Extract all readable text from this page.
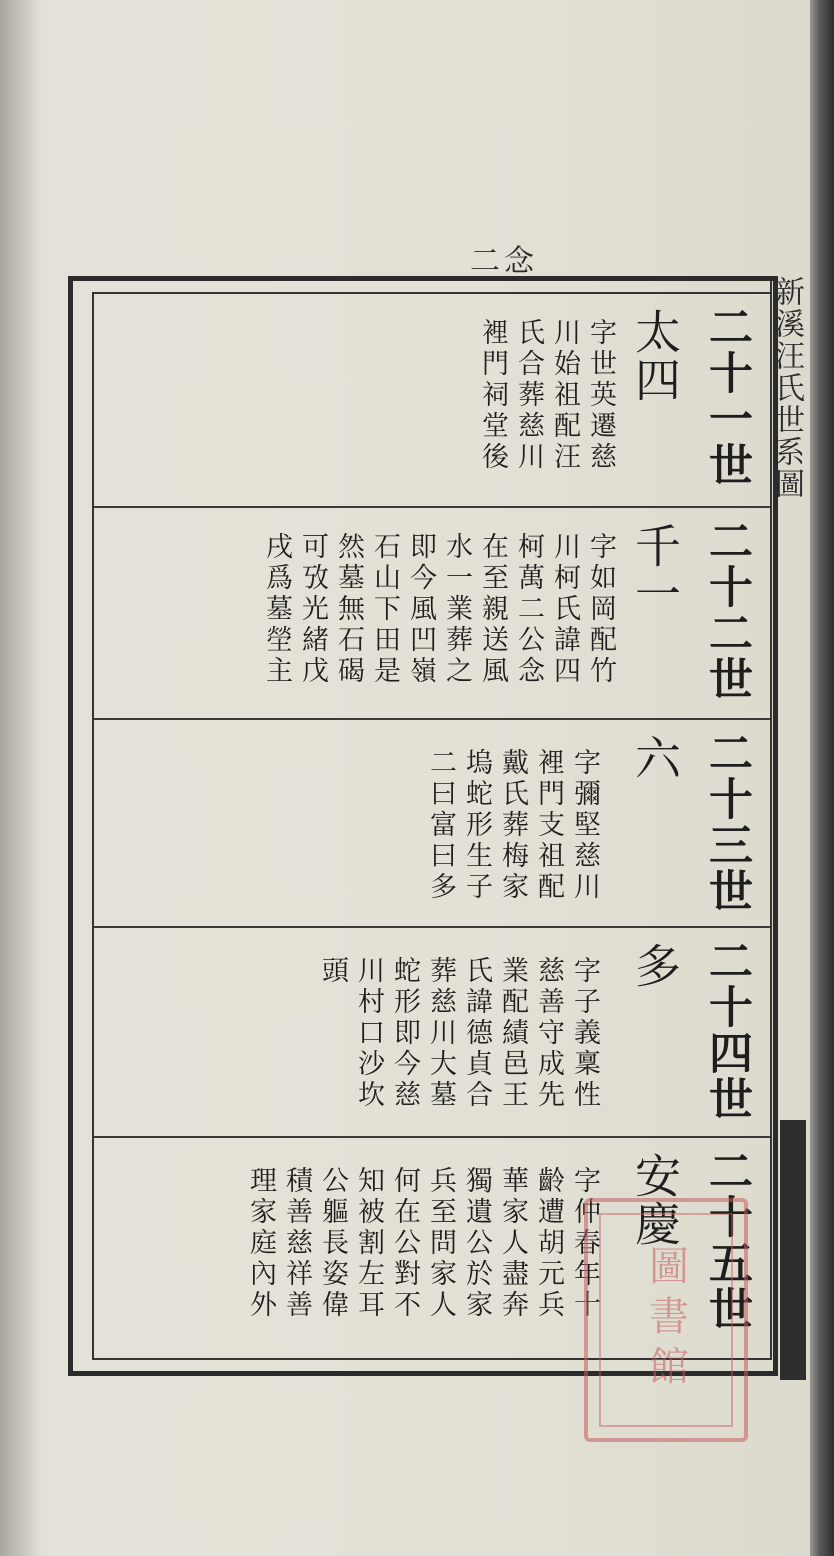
二念
新溪汪氏世系圖
二十一世
太四
字世英遷慈
川始祖配汪
氏合葬慈川
裡門祠堂後
二十二世
千一
字如岡配竹
川柯氏諱四
柯萬二公念
在至親送風
水一業葬之
即今風凹嶺
石山下田是
然墓無石碣
可攷光緒戊
戌爲墓塋主
二十三世
六
字彌堅慈川
裡門支祖配
戴氏葬梅家
塢蛇形生子
二曰富曰多
二十四世
多
字子義稟性
慈善守成先
業配績邑王
氏諱德貞合
葬慈川大墓
蛇形即今慈
川村口沙坎
頭
二十五世
安慶
字仲春年十
齡遭胡元兵
華家人盡奔
獨遺公於家
兵至問家人
何在公對不
知被割左耳
公軀長姿偉
積善慈祥善
理家庭內外	圖書館
